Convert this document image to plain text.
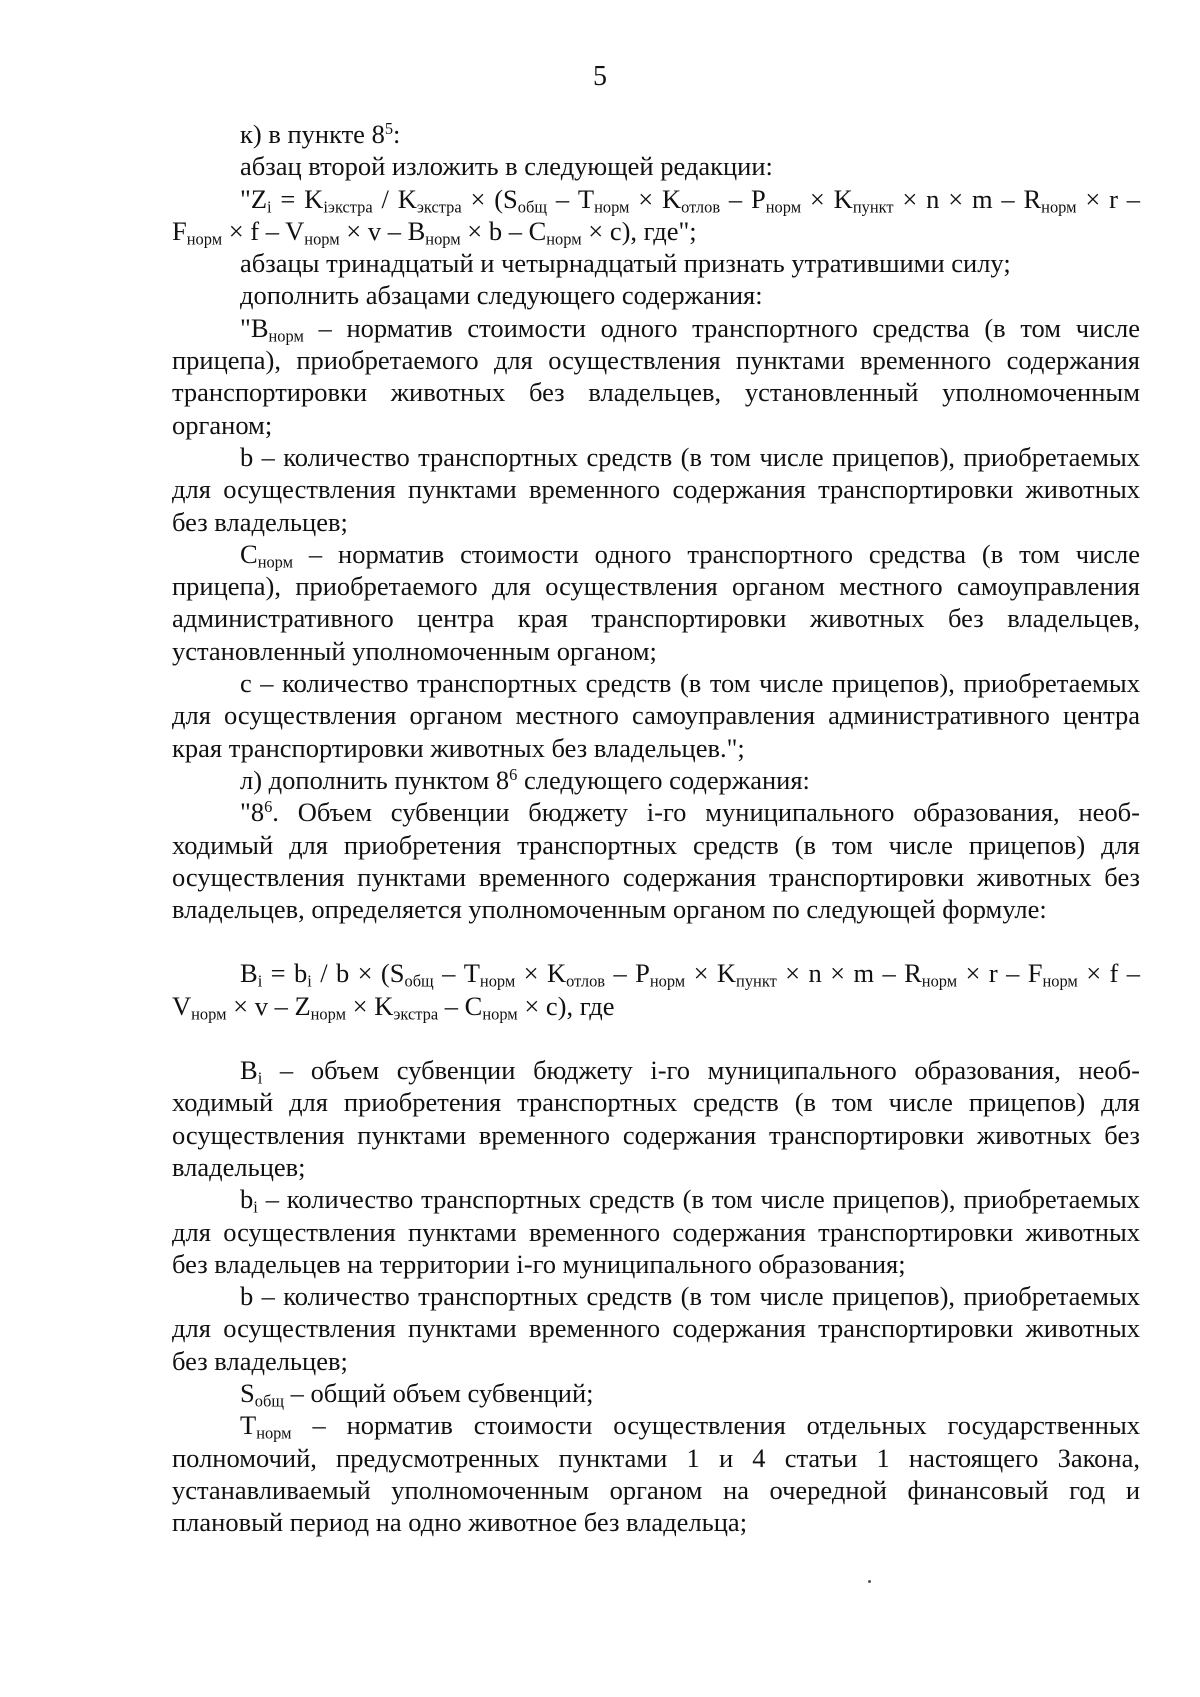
5

к) в пункте $8^5$:

абзац второй изложить в следующей редакции:

"$Z_i = K_{iэкстра} / K_{экстра} \times (S_{общ} - T_{норм} \times K_{отлов} - P_{норм} \times K_{пункт} \times n \times m - R_{норм} \times r - F_{норм} \times f - V_{норм} \times v - B_{норм} \times b - C_{норм} \times c)$, где";

абзацы тринадцатый и четырнадцатый признать утратившими силу;

дополнить абзацами следующего содержания:

"$B_{норм}$ – норматив стоимости одного транспортного средства (в том числе прицепа), приобретаемого для осуществления пунктами временного содержания транспортировки животных без владельцев, установленный уполномоченным органом;

b – количество транспортных средств (в том числе прицепов), приобретаемых для осуществления пунктами временного содержания транспортировки животных без владельцев;

$C_{норм}$ – норматив стоимости одного транспортного средства (в том числе прицепа), приобретаемого для осуществления органом местного самоуправления административного центра края транспортировки животных без владельцев, установленный уполномоченным органом;

c – количество транспортных средств (в том числе прицепов), приобретаемых для осуществления органом местного самоуправления административного центра края транспортировки животных без владельцев.";

л) дополнить пунктом $8^6$ следующего содержания:

"$8^6$. Объем субвенции бюджету i-го муниципального образования, необходимый для приобретения транспортных средств (в том числе прицепов) для осуществления пунктами временного содержания транспортировки животных без владельцев, определяется уполномоченным органом по следующей формуле:

$B_i = b_i / b \times (S_{общ} - T_{норм} \times K_{отлов} - P_{норм} \times K_{пункт} \times n \times m - R_{норм} \times r - F_{норм} \times f - V_{норм} \times v - Z_{норм} \times K_{экстра} - C_{норм} \times c)$, где

$B_i$ – объем субвенции бюджету i-го муниципального образования, необходимый для приобретения транспортных средств (в том числе прицепов) для осуществления пунктами временного содержания транспортировки животных без владельцев;

$b_i$ – количество транспортных средств (в том числе прицепов), приобретаемых для осуществления пунктами временного содержания транспортировки животных без владельцев на территории i-го муниципального образования;

b – количество транспортных средств (в том числе прицепов), приобретаемых для осуществления пунктами временного содержания транспортировки животных без владельцев;

$S_{общ}$ – общий объем субвенций;

$T_{норм}$ – норматив стоимости осуществления отдельных государственных полномочий, предусмотренных пунктами 1 и 4 статьи 1 настоящего Закона, устанавливаемый уполномоченным органом на очередной финансовый год и плановый период на одно животное без владельца;
